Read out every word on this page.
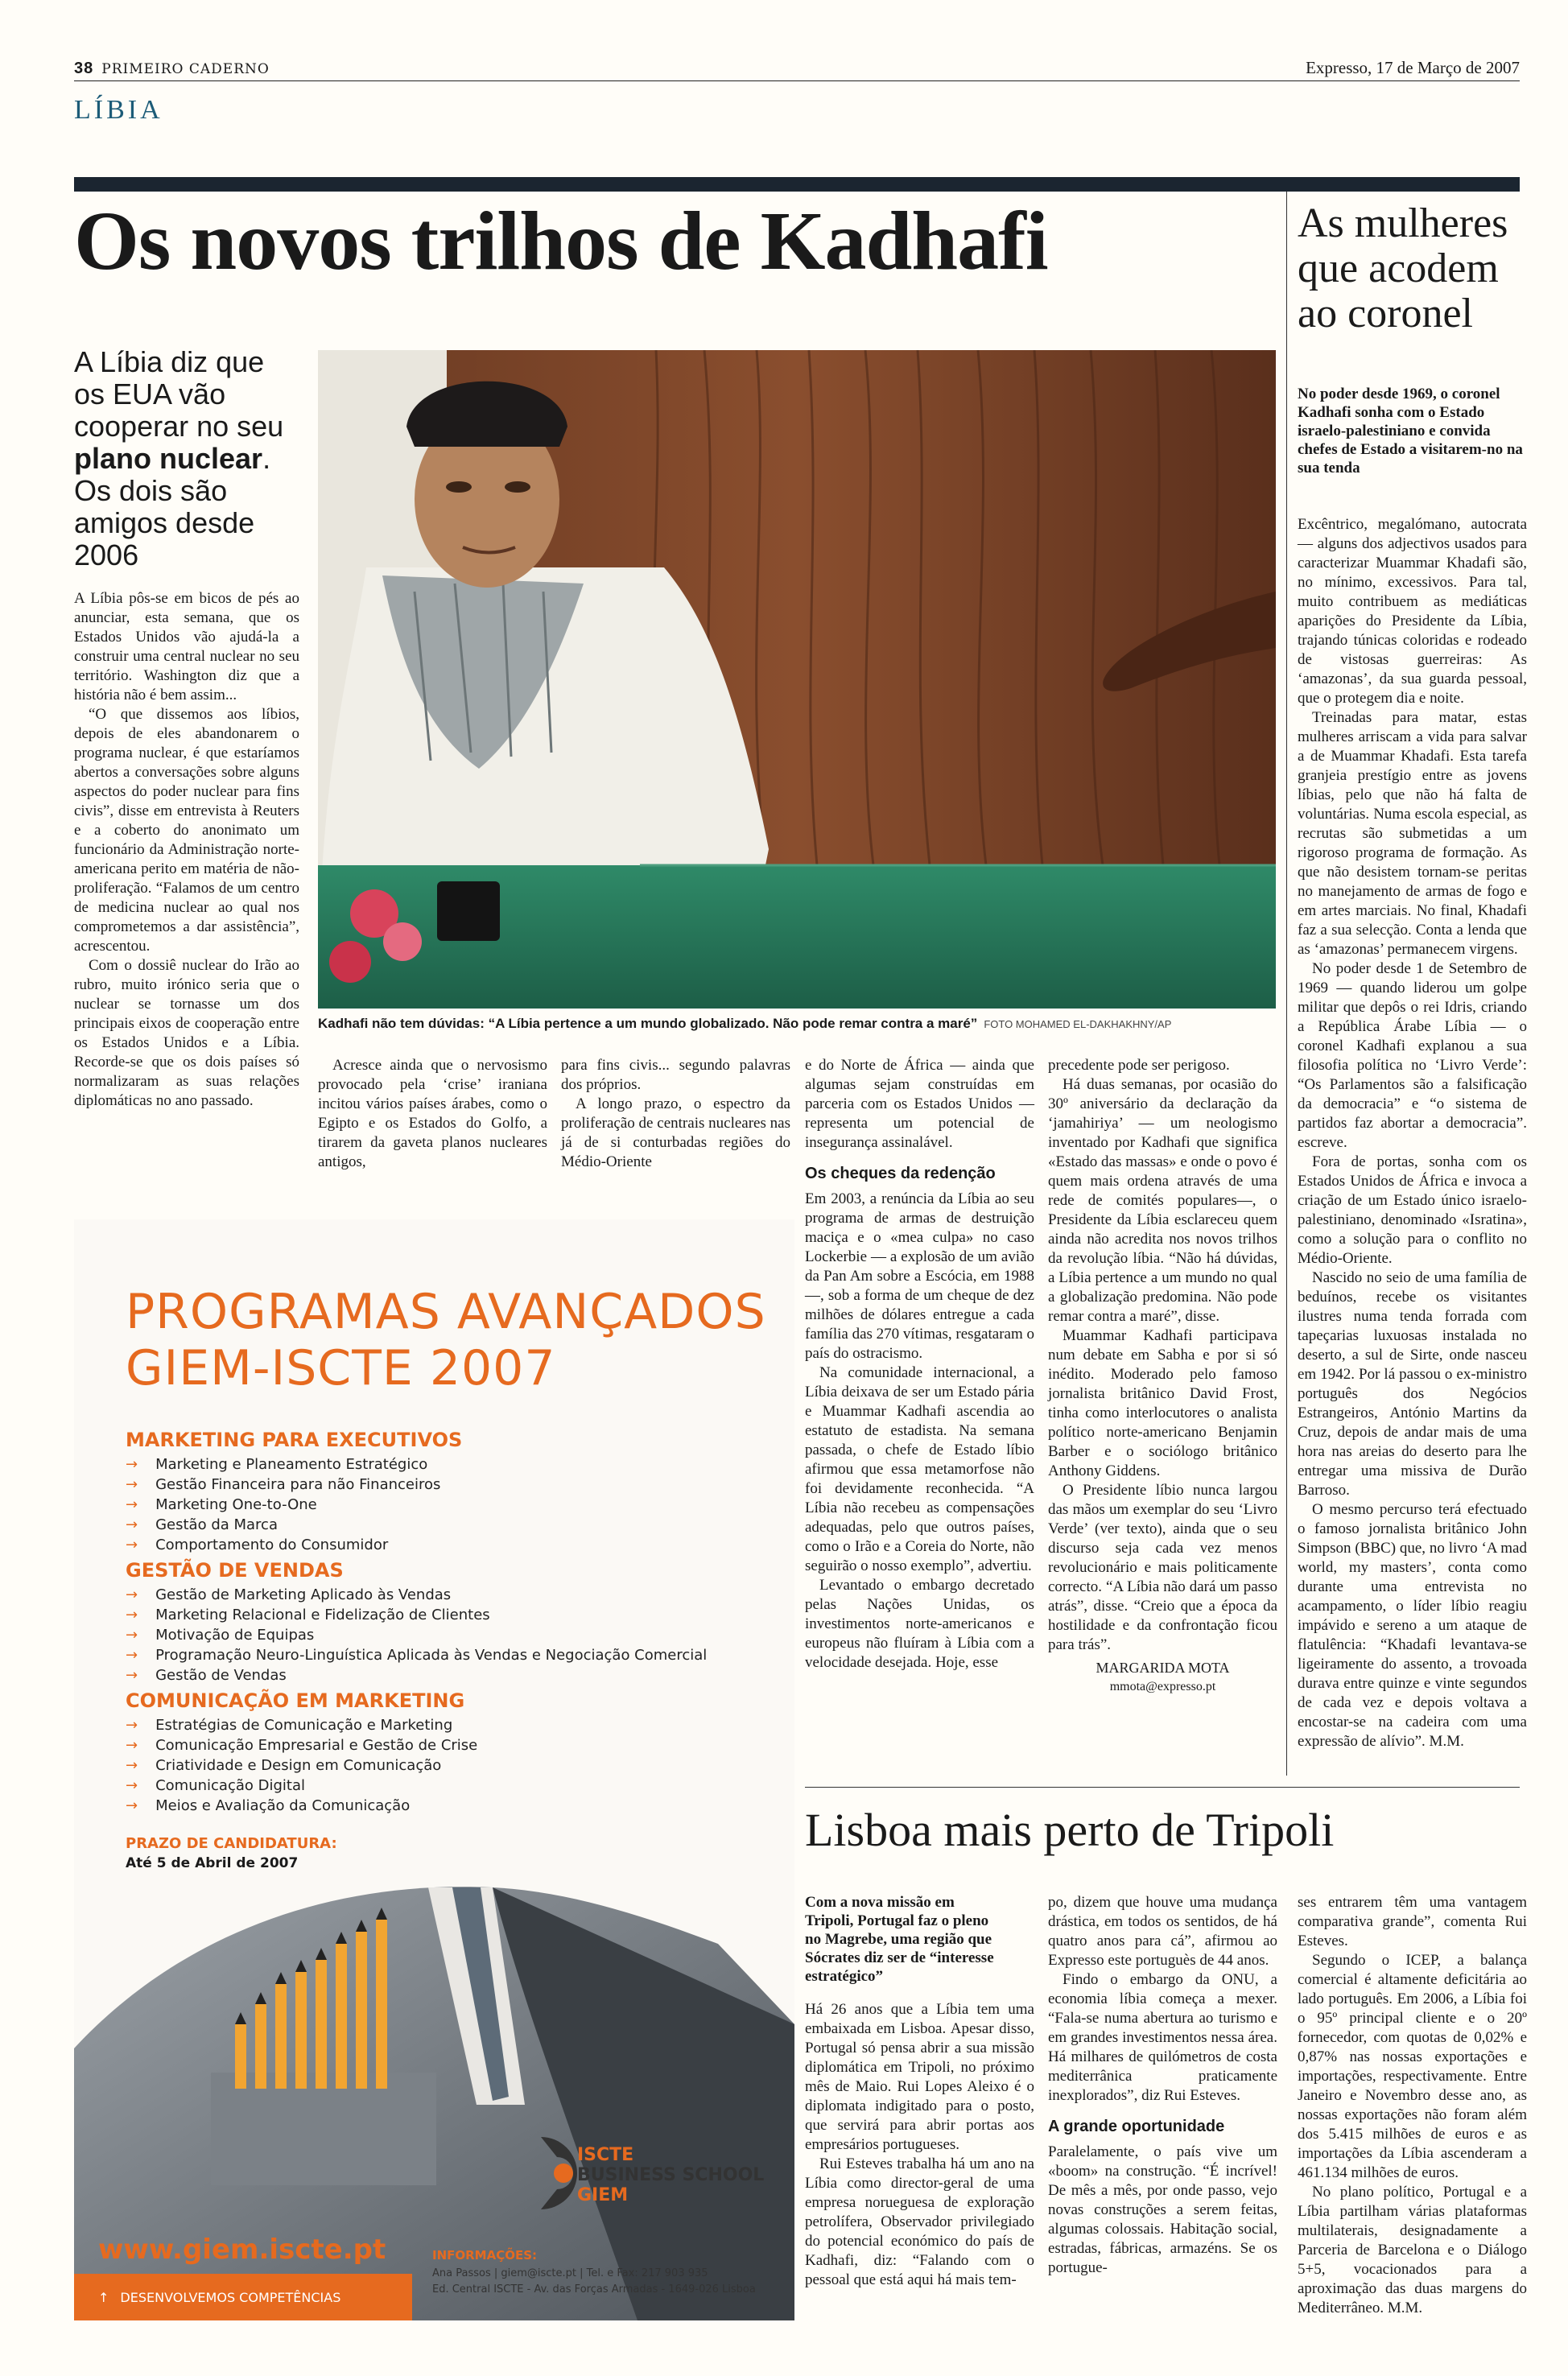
38 PRIMEIRO CADERNO	Expresso, 17 de Março de 2007
LÍBIA
Os novos trilhos de Kadhafi	As mulheres que acodem ao coronel
No poder desde 1969, o coronel Kadhafi sonha com o Estado israelo-palestiniano e convida chefes de Estado a visitarem-no na sua tenda

Excêntrico, megalómano, autocrata — alguns dos adjectivos usados para caracterizar Muammar Khadafi são, no mínimo, excessivos. Para tal, muito contribuem as mediáticas aparições do Presidente da Líbia, trajando túnicas coloridas e rodeado de vistosas guerreiras: As ‘amazonas’, da sua guarda pessoal, que o protegem dia e noite.

Treinadas para matar, estas mulheres arriscam a vida para salvar a de Muammar Khadafi. Esta tarefa granjeia prestígio entre as jovens líbias, pelo que não há falta de voluntárias. Numa escola especial, as recrutas são submetidas a um rigoroso programa de formação. As que não desistem tornam-se peritas no manejamento de armas de fogo e em artes marciais. No final, Khadafi faz a sua selecção. Conta a lenda que as ‘amazonas’ permanecem virgens.

No poder desde 1 de Setembro de 1969 — quando liderou um golpe militar que depôs o rei Idris, criando a República Árabe Líbia — o coronel Kadhafi explanou a sua filosofia política no ‘Livro Verde’: “Os Parlamentos são a falsificação da democracia” e “o sistema de partidos faz abortar a democracia”. escreve.

Fora de portas, sonha com os Estados Unidos de África e invoca a criação de um Estado único israelo-palestiniano, denominado «Isratina», como a solução para o conflito no Médio-Oriente.

Nascido no seio de uma família de beduínos, recebe os visitantes ilustres numa tenda forrada com tapeçarias luxuosas instalada no deserto, a sul de Sirte, onde nasceu em 1942. Por lá passou o ex-ministro português dos Negócios Estrangeiros, António Martins da Cruz, depois de andar mais de uma hora nas areias do deserto para lhe entregar uma missiva de Durão Barroso.

O mesmo percurso terá efectuado o famoso jornalista britânico John Simpson (BBC) que, no livro ‘A mad world, my masters’, conta como durante uma entrevista no acampamento, o líder líbio reagiu impávido e sereno a um ataque de flatulência: “Khadafi levantava-se ligeiramente do assento, a trovoada durava entre quinze e vinte segundos de cada vez e depois voltava a encostar-se na cadeira com uma expressão de alívio”. M.M.

A Líbia diz que os EUA vão cooperar no seu plano nuclear. Os dois são amigos desde 2006

A Líbia pôs-se em bicos de pés ao anunciar, esta semana, que os Estados Unidos vão ajudá-la a construir uma central nuclear no seu território. Washington diz que a história não é bem assim...

“O que dissemos aos líbios, depois de eles abandonarem o programa nuclear, é que estaríamos abertos a conversações sobre alguns aspectos do poder nuclear para fins civis”, disse em entrevista à Reuters e a coberto do anonimato um funcionário da Administração norte-americana perito em matéria de não-proliferação. “Falamos de um centro de medicina nuclear ao qual nos comprometemos a dar assistência”, acrescentou.

Com o dossiê nuclear do Irão ao rubro, muito irónico seria que o nuclear se tornasse um dos principais eixos de cooperação entre os Estados Unidos e a Líbia. Recorde-se que os dois países só normalizaram as suas relações diplomáticas no ano passado.

Kadhafi não tem dúvidas: “A Líbia pertence a um mundo globalizado. Não pode remar contra a maré” FOTO MOHAMED EL-DAKHAKHNY/AP

Acresce ainda que o nervosismo provocado pela ‘crise’ iraniana incitou vários países árabes, como o Egipto e os Estados do Golfo, a tirarem da gaveta planos nucleares antigos,

para fins civis... segundo palavras dos próprios.

A longo prazo, o espectro da proliferação de centrais nucleares nas já de si conturbadas regiões do Médio-Oriente

e do Norte de África — ainda que algumas sejam construídas em parceria com os Estados Unidos — representa um potencial de insegurança assinalável.

Os cheques da redenção

Em 2003, a renúncia da Líbia ao seu programa de armas de destruição maciça e o «mea culpa» no caso Lockerbie — a explosão de um avião da Pan Am sobre a Escócia, em 1988 —, sob a forma de um cheque de dez milhões de dólares entregue a cada família das 270 vítimas, resgataram o país do ostracismo.

Na comunidade internacional, a Líbia deixava de ser um Estado pária e Muammar Kadhafi ascendia ao estatuto de estadista. Na semana passada, o chefe de Estado líbio afirmou que essa metamorfose não foi devidamente reconhecida. “A Líbia não recebeu as compensações adequadas, pelo que outros países, como o Irão e a Coreia do Norte, não seguirão o nosso exemplo”, advertiu.

Levantado o embargo decretado pelas Nações Unidas, os investimentos norte-americanos e europeus não fluíram à Líbia com a velocidade desejada. Hoje, esse

precedente pode ser perigoso.

Há duas semanas, por ocasião do 30º aniversário da declaração da ‘jamahiriya’ — um neologismo inventado por Kadhafi que significa «Estado das massas» e onde o povo é quem mais ordena através de uma rede de comités populares—, o Presidente da Líbia esclareceu quem ainda não acredita nos novos trilhos da revolução líbia. “Não há dúvidas, a Líbia pertence a um mundo no qual a globalização predomina. Não pode remar contra a maré”, disse.

Muammar Kadhafi participava num debate em Sabha e por si só inédito. Moderado pelo famoso jornalista britânico David Frost, tinha como interlocutores o analista político norte-americano Benjamin Barber e o sociólogo britânico Anthony Giddens.

O Presidente líbio nunca largou das mãos um exemplar do seu ‘Livro Verde’ (ver texto), ainda que o seu discurso seja cada vez menos revolucionário e mais politicamente correcto. “A Líbia não dará um passo atrás”, disse. “Creio que a época da hostilidade e da confrontação ficou para trás”.

MARGARIDA MOTA
mmota@expresso.pt
PROGRAMAS AVANÇADOS
GIEM-ISCTE 2007
MARKETING PARA EXECUTIVOS
→ Marketing e Planeamento Estratégico
→ Gestão Financeira para não Financeiros
→ Marketing One-to-One
→ Gestão da Marca
→ Comportamento do Consumidor
GESTÃO DE VENDAS
→ Gestão de Marketing Aplicado às Vendas
→ Marketing Relacional e Fidelização de Clientes
→ Motivação de Equipas
→ Programação Neuro-Linguística Aplicada às Vendas e Negociação Comercial
→ Gestão de Vendas
COMUNICAÇÃO EM MARKETING
→ Estratégias de Comunicação e Marketing
→ Comunicação Empresarial e Gestão de Crise
→ Criatividade e Design em Comunicação
→ Comunicação Digital
→ Meios e Avaliação da Comunicação
PRAZO DE CANDIDATURA:
Até 5 de Abril de 2007
ISCTE
BUSINESS SCHOOL
GIEM
www.giem.iscte.pt
↑ DESENVOLVEMOS COMPETÊNCIAS
INFORMAÇÕES:
Ana Passos | giem@iscte.pt | Tel. e Fax: 217 903 935
Ed. Central ISCTE - Av. das Forças Armadas - 1649-026 Lisboa
Lisboa mais perto de Tripoli
Com a nova missão em Tripoli, Portugal faz o pleno no Magrebe, uma região que Sócrates diz ser de “interesse estratégico”

Há 26 anos que a Líbia tem uma embaixada em Lisboa. Apesar disso, Portugal só pensa abrir a sua missão diplomática em Tripoli, no próximo mês de Maio. Rui Lopes Aleixo é o diplomata indigitado para o posto, que servirá para abrir portas aos empresários portugueses.

Rui Esteves trabalha há um ano na Líbia como director-geral de uma empresa norueguesa de exploração petrolífera, Observador privilegiado do potencial económico do país de Kadhafi, diz: “Falando com o pessoal que está aqui há mais tem-

po, dizem que houve uma mudança drástica, em todos os sentidos, de há quatro anos para cá”, afirmou ao Expresso este portuguès de 44 anos.

Findo o embargo da ONU, a economia líbia começa a mexer. “Fala-se numa abertura ao turismo e em grandes investimentos nessa área. Há milhares de quilómetros de costa mediterrânica praticamente inexplorados”, diz Rui Esteves.

A grande oportunidade

Paralelamente, o país vive um «boom» na construção. “É incrível! De mês a mês, por onde passo, vejo novas construções a serem feitas, algumas colossais. Habitação social, estradas, fábricas, armazéns. Se os portugue-

ses entrarem têm uma vantagem comparativa grande”, comenta Rui Esteves.

Segundo o ICEP, a balança comercial é altamente deficitária ao lado português. Em 2006, a Líbia foi o 95º principal cliente e o 20º fornecedor, com quotas de 0,02% e 0,87% nas nossas exportações e importações, respectivamente. Entre Janeiro e Novembro desse ano, as nossas exportações não foram além dos 5.415 milhões de euros e as importações da Líbia ascenderam a 461.134 milhões de euros.

No plano político, Portugal e a Líbia partilham várias plataformas multilaterais, designadamente a Parceria de Barcelona e o Diálogo 5+5, vocacionados para a aproximação das duas margens do Mediterrâneo. M.M.
